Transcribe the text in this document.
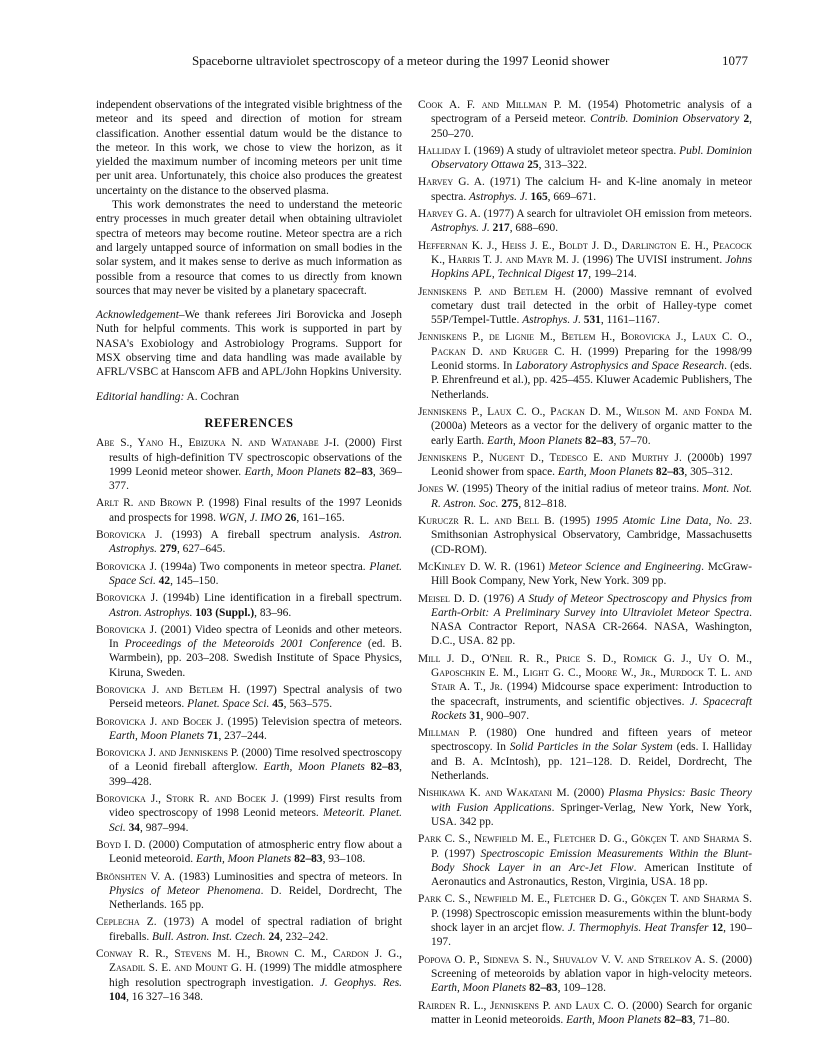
Spaceborne ultraviolet spectroscopy of a meteor during the 1997 Leonid shower	1077

independent observations of the integrated visible brightness of the meteor and its speed and direction of motion for stream classification. Another essential datum would be the distance to the meteor. In this work, we chose to view the horizon, as it yielded the maximum number of incoming meteors per unit time per unit area. Unfortunately, this choice also produces the greatest uncertainty on the distance to the observed plasma.

This work demonstrates the need to understand the meteoric entry processes in much greater detail when obtaining ultraviolet spectra of meteors may become routine. Meteor spectra are a rich and largely untapped source of information on small bodies in the solar system, and it makes sense to derive as much information as possible from a resource that comes to us directly from known sources that may never be visited by a planetary spacecraft.

Acknowledgement–We thank referees Jiri Borovicka and Joseph Nuth for helpful comments. This work is supported in part by NASA's Exobiology and Astrobiology Programs. Support for MSX observing time and data handling was made available by AFRL/VSBC at Hanscom AFB and APL/John Hopkins University.

Editorial handling: A. Cochran

REFERENCES

Abe S., Yano H., Ebizuka N. and Watanabe J-I. (2000) First results of high-definition TV spectroscopic observations of the 1999 Leonid meteor shower. Earth, Moon Planets 82–83, 369–377.

Arlt R. and Brown P. (1998) Final results of the 1997 Leonids and prospects for 1998. WGN, J. IMO 26, 161–165.

Borovicka J. (1993) A fireball spectrum analysis. Astron. Astrophys. 279, 627–645.

Borovicka J. (1994a) Two components in meteor spectra. Planet. Space Sci. 42, 145–150.

Borovicka J. (1994b) Line identification in a fireball spectrum. Astron. Astrophys. 103 (Suppl.), 83–96.

Borovicka J. (2001) Video spectra of Leonids and other meteors. In Proceedings of the Meteoroids 2001 Conference (ed. B. Warmbein), pp. 203–208. Swedish Institute of Space Physics, Kiruna, Sweden.

Borovicka J. and Betlem H. (1997) Spectral analysis of two Perseid meteors. Planet. Space Sci. 45, 563–575.

Borovicka J. and Bocek J. (1995) Television spectra of meteors. Earth, Moon Planets 71, 237–244.

Borovicka J. and Jenniskens P. (2000) Time resolved spectroscopy of a Leonid fireball afterglow. Earth, Moon Planets 82–83, 399–428.

Borovicka J., Stork R. and Bocek J. (1999) First results from video spectroscopy of 1998 Leonid meteors. Meteorit. Planet. Sci. 34, 987–994.

Boyd I. D. (2000) Computation of atmospheric entry flow about a Leonid meteoroid. Earth, Moon Planets 82–83, 93–108.

Brönshten V. A. (1983) Luminosities and spectra of meteors. In Physics of Meteor Phenomena. D. Reidel, Dordrecht, The Netherlands. 165 pp.

Ceplecha Z. (1973) A model of spectral radiation of bright fireballs. Bull. Astron. Inst. Czech. 24, 232–242.

Conway R. R., Stevens M. H., Brown C. M., Cardon J. G., Zasadil S. E. and Mount G. H. (1999) The middle atmosphere high resolution spectrograph investigation. J. Geophys. Res. 104, 16 327–16 348.

Cook A. F. and Millman P. M. (1954) Photometric analysis of a spectrogram of a Perseid meteor. Contrib. Dominion Observatory 2, 250–270.

Halliday I. (1969) A study of ultraviolet meteor spectra. Publ. Dominion Observatory Ottawa 25, 313–322.

Harvey G. A. (1971) The calcium H- and K-line anomaly in meteor spectra. Astrophys. J. 165, 669–671.

Harvey G. A. (1977) A search for ultraviolet OH emission from meteors. Astrophys. J. 217, 688–690.

Heffernan K. J., Heiss J. E., Boldt J. D., Darlington E. H., Peacock K., Harris T. J. and Mayr M. J. (1996) The UVISI instrument. Johns Hopkins APL, Technical Digest 17, 199–214.

Jenniskens P. and Betlem H. (2000) Massive remnant of evolved cometary dust trail detected in the orbit of Halley-type comet 55P/Tempel-Tuttle. Astrophys. J. 531, 1161–1167.

Jenniskens P., de Lignie M., Betlem H., Borovicka J., Laux C. O., Packan D. and Kruger C. H. (1999) Preparing for the 1998/99 Leonid storms. In Laboratory Astrophysics and Space Research. (eds. P. Ehrenfreund et al.), pp. 425–455. Kluwer Academic Publishers, The Netherlands.

Jenniskens P., Laux C. O., Packan D. M., Wilson M. and Fonda M. (2000a) Meteors as a vector for the delivery of organic matter to the early Earth. Earth, Moon Planets 82–83, 57–70.

Jenniskens P., Nugent D., Tedesco E. and Murthy J. (2000b) 1997 Leonid shower from space. Earth, Moon Planets 82–83, 305–312.

Jones W. (1995) Theory of the initial radius of meteor trains. Mont. Not. R. Astron. Soc. 275, 812–818.

Kuruczr R. L. and Bell B. (1995) 1995 Atomic Line Data, No. 23. Smithsonian Astrophysical Observatory, Cambridge, Massachusetts (CD-ROM).

McKinley D. W. R. (1961) Meteor Science and Engineering. McGraw-Hill Book Company, New York, New York. 309 pp.

Meisel D. D. (1976) A Study of Meteor Spectroscopy and Physics from Earth-Orbit: A Preliminary Survey into Ultraviolet Meteor Spectra. NASA Contractor Report, NASA CR-2664. NASA, Washington, D.C., USA. 82 pp.

Mill J. D., O'Neil R. R., Price S. D., Romick G. J., Uy O. M., Gaposchkin E. M., Light G. C., Moore W., Jr., Murdock T. L. and Stair A. T., Jr. (1994) Midcourse space experiment: Introduction to the spacecraft, instruments, and scientific objectives. J. Spacecraft Rockets 31, 900–907.

Millman P. (1980) One hundred and fifteen years of meteor spectroscopy. In Solid Particles in the Solar System (eds. I. Halliday and B. A. McIntosh), pp. 121–128. D. Reidel, Dordrecht, The Netherlands.

Nishikawa K. and Wakatani M. (2000) Plasma Physics: Basic Theory with Fusion Applications. Springer-Verlag, New York, New York, USA. 342 pp.

Park C. S., Newfield M. E., Fletcher D. G., Gökçen T. and Sharma S. P. (1997) Spectroscopic Emission Measurements Within the Blunt-Body Shock Layer in an Arc-Jet Flow. American Institute of Aeronautics and Astronautics, Reston, Virginia, USA. 18 pp.

Park C. S., Newfield M. E., Fletcher D. G., Gökçen T. and Sharma S. P. (1998) Spectroscopic emission measurements within the blunt-body shock layer in an arcjet flow. J. Thermophyis. Heat Transfer 12, 190–197.

Popova O. P., Sidneva S. N., Shuvalov V. V. and Strelkov A. S. (2000) Screening of meteoroids by ablation vapor in high-velocity meteors. Earth, Moon Planets 82–83, 109–128.

Rairden R. L., Jenniskens P. and Laux C. O. (2000) Search for organic matter in Leonid meteoroids. Earth, Moon Planets 82–83, 71–80.
